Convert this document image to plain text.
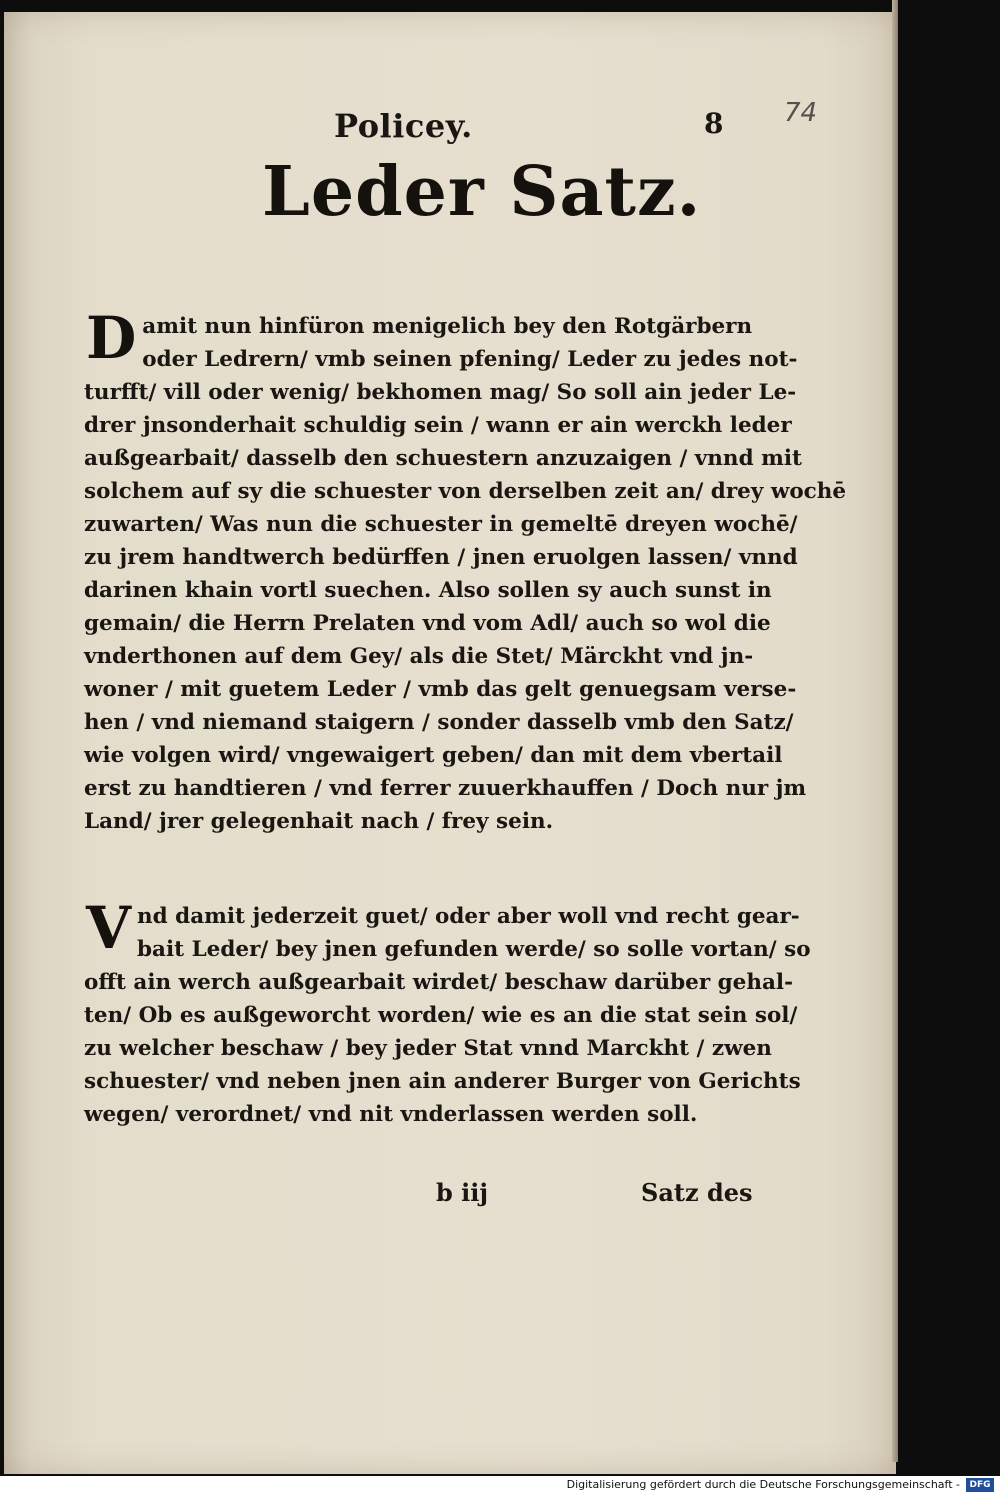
Policey.	8 74
Leder Satz.
D amit nun hinfüron menigelich bey den Rotgärbern
oder Ledrern/ vmb seinen pfening/ Leder zu jedes not-
turfft/ vill oder wenig/ bekhomen mag/ So soll ain jeder Le-
drer jnsonderhait schuldig sein / wann er ain werckh leder
außgearbait/ dasselb den schuestern anzuzaigen / vnnd mit
solchem auf sy die schuester von derselben zeit an/ drey wochē
zuwarten/ Was nun die schuester in gemeltē dreyen wochē/
zu jrem handtwerch bedürffen / jnen eruolgen lassen/ vnnd
darinen khain vortl suechen. Also sollen sy auch sunst in
gemain/ die Herrn Prelaten vnd vom Adl/ auch so wol die
vnderthonen auf dem Gey/ als die Stet/ Märckht vnd jn-
woner / mit guetem Leder / vmb das gelt genuegsam verse-
hen / vnd niemand staigern / sonder dasselb vmb den Satz/
wie volgen wird/ vngewaigert geben/ dan mit dem vbertail
erst zu handtieren / vnd ferrer zuuerkhauffen / Doch nur jm
Land/ jrer gelegenhait nach / frey sein.
V nd damit jederzeit guet/ oder aber woll vnd recht gear-
bait Leder/ bey jnen gefunden werde/ so solle vortan/ so
offt ain werch außgearbait wirdet/ beschaw darüber gehal-
ten/ Ob es außgeworcht worden/ wie es an die stat sein sol/
zu welcher beschaw / bey jeder Stat vnnd Marckht / zwen
schuester/ vnd neben jnen ain anderer Burger von Gerichts
wegen/ verordnet/ vnd nit vnderlassen werden soll.
b iij	Satz des
Digitalisierung gefördert durch die Deutsche Forschungsgemeinschaft -	DFG
